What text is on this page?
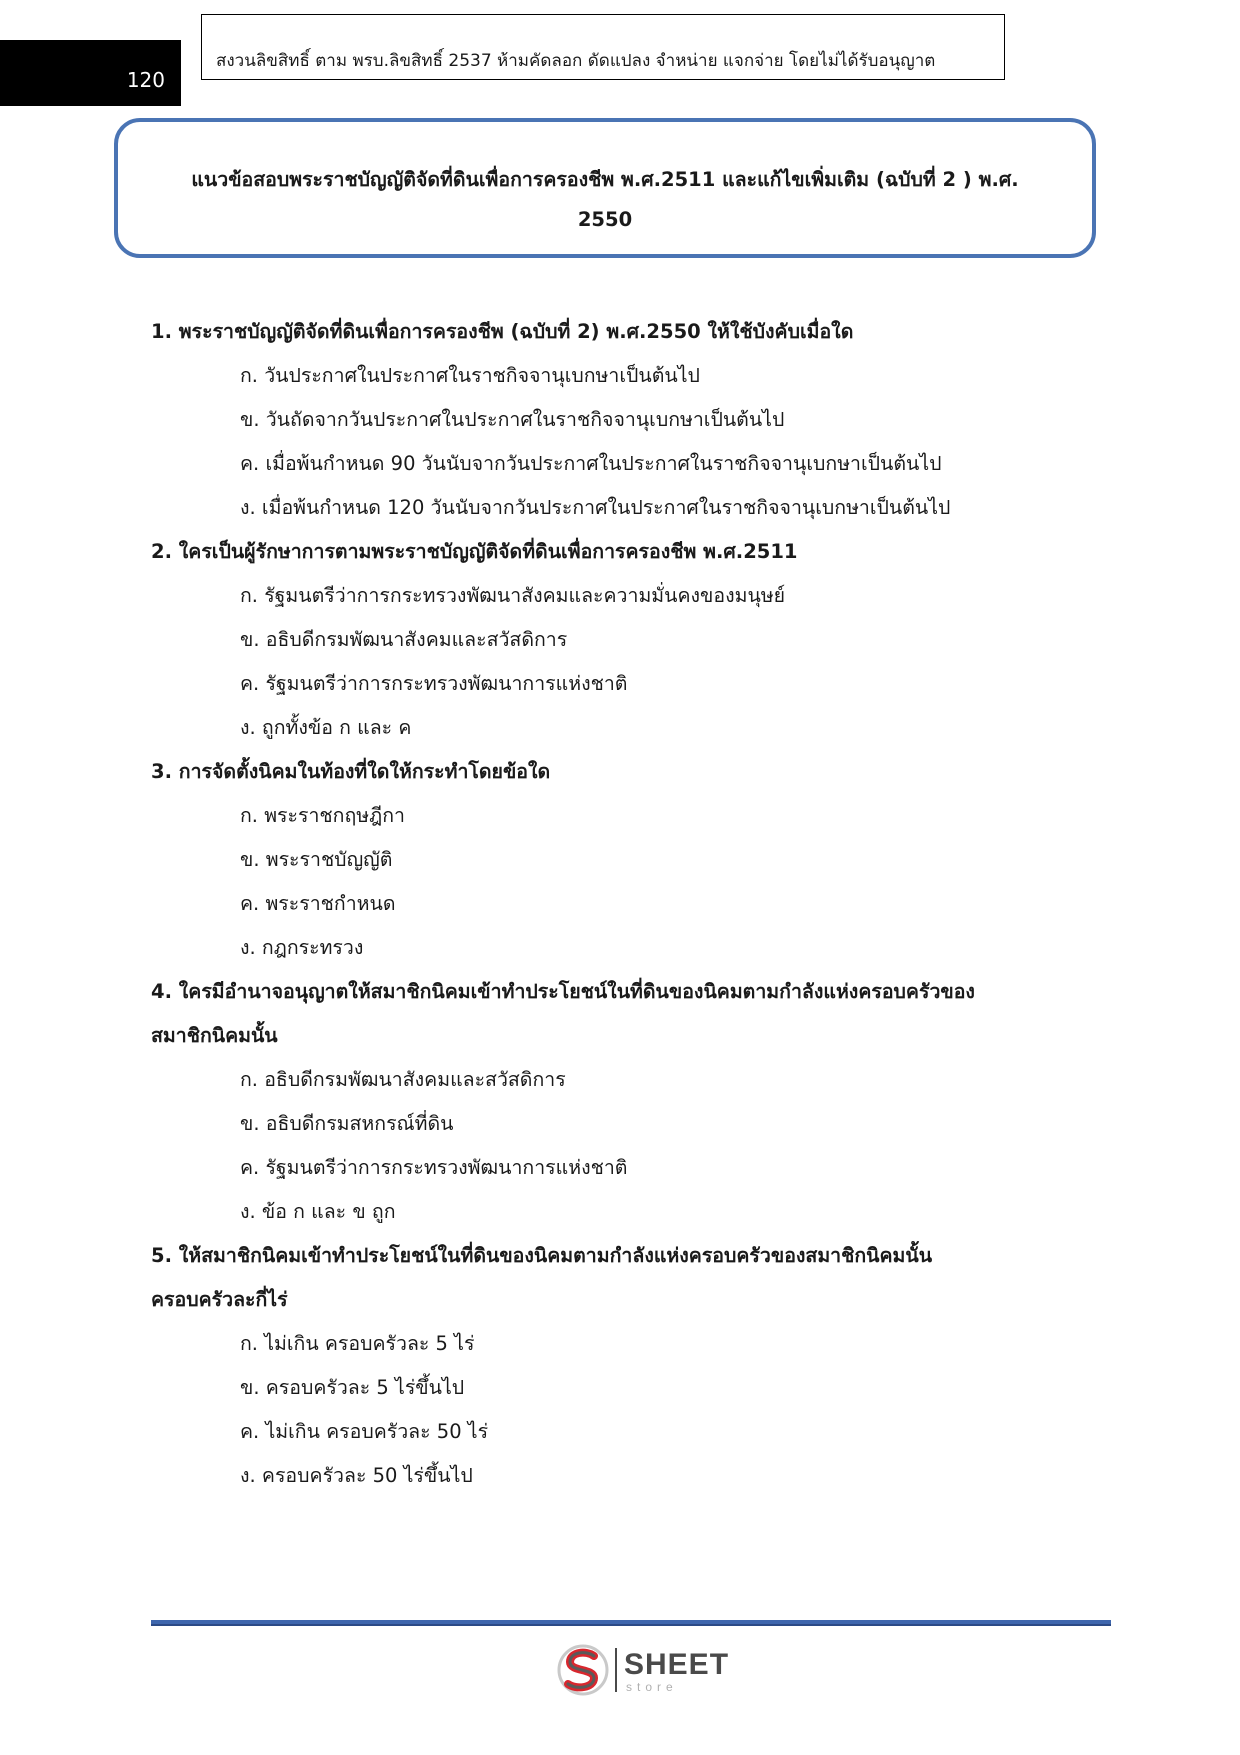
120
สงวนลิขสิทธิ์ ตาม พรบ.ลิขสิทธิ์ 2537 ห้ามคัดลอก ดัดแปลง จำหน่าย แจกจ่าย โดยไม่ได้รับอนุญาต
แนวข้อสอบพระราชบัญญัติจัดที่ดินเพื่อการครองชีพ พ.ศ.2511 และแก้ไขเพิ่มเติม (ฉบับที่ 2 ) พ.ศ.
2550
1. พระราชบัญญัติจัดที่ดินเพื่อการครองชีพ (ฉบับที่ 2) พ.ศ.2550 ให้ใช้บังคับเมื่อใด
ก. วันประกาศในประกาศในราชกิจจานุเบกษาเป็นต้นไป
ข. วันถัดจากวันประกาศในประกาศในราชกิจจานุเบกษาเป็นต้นไป
ค. เมื่อพ้นกำหนด 90 วันนับจากวันประกาศในประกาศในราชกิจจานุเบกษาเป็นต้นไป
ง. เมื่อพ้นกำหนด 120 วันนับจากวันประกาศในประกาศในราชกิจจานุเบกษาเป็นต้นไป
2. ใครเป็นผู้รักษาการตามพระราชบัญญัติจัดที่ดินเพื่อการครองชีพ พ.ศ.2511
ก. รัฐมนตรีว่าการกระทรวงพัฒนาสังคมและความมั่นคงของมนุษย์
ข. อธิบดีกรมพัฒนาสังคมและสวัสดิการ
ค. รัฐมนตรีว่าการกระทรวงพัฒนาการแห่งชาติ
ง. ถูกทั้งข้อ ก และ ค
3. การจัดตั้งนิคมในท้องที่ใดให้กระทำโดยข้อใด
ก. พระราชกฤษฎีกา
ข. พระราชบัญญัติ
ค. พระราชกำหนด
ง. กฎกระทรวง
4. ใครมีอำนาจอนุญาตให้สมาชิกนิคมเข้าทำประโยชน์ในที่ดินของนิคมตามกำลังแห่งครอบครัวของ
สมาชิกนิคมนั้น
ก. อธิบดีกรมพัฒนาสังคมและสวัสดิการ
ข. อธิบดีกรมสหกรณ์ที่ดิน
ค. รัฐมนตรีว่าการกระทรวงพัฒนาการแห่งชาติ
ง. ข้อ ก และ ข ถูก
5. ให้สมาชิกนิคมเข้าทำประโยชน์ในที่ดินของนิคมตามกำลังแห่งครอบครัวของสมาชิกนิคมนั้น
ครอบครัวละกี่ไร่
ก. ไม่เกิน ครอบครัวละ 5 ไร่
ข. ครอบครัวละ 5 ไร่ขึ้นไป
ค. ไม่เกิน ครอบครัวละ 50 ไร่
ง. ครอบครัวละ 50 ไร่ขึ้นไป
SHEET
store
